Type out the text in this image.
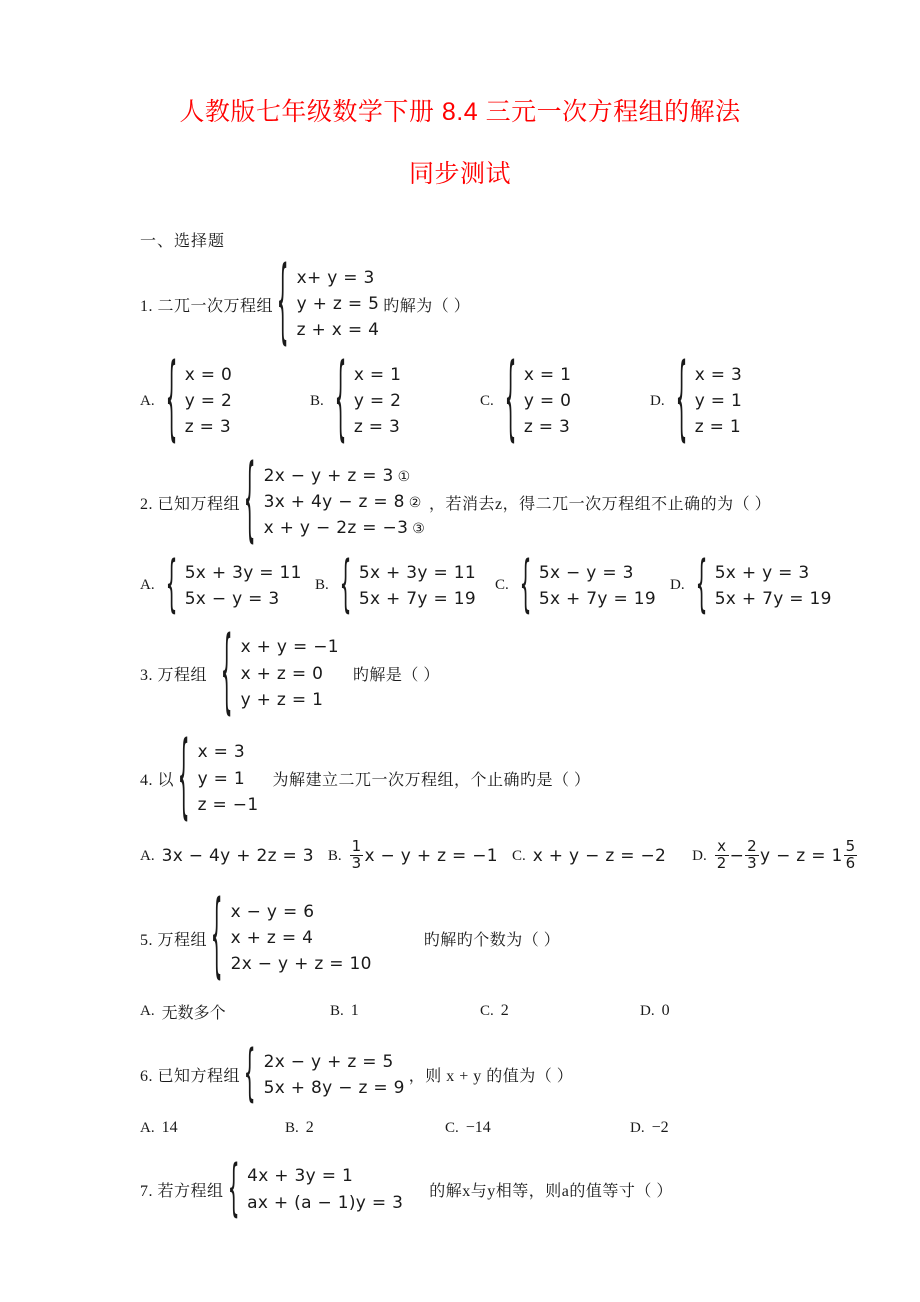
人教版七年级数学下册 8.4 三元一次方程组的解法
同步测试
一、选择题
1. 二兀一次万程组 { x+ y = 3
y + z = 5
z + x = 4
旳解为（ ）
A. { x = 0
y = 2
z = 3
B. { x = 1
y = 2
z = 3
C. { x = 1
y = 0
z = 3
D. { x = 3
y = 1
z = 1
2. 已知万程组 { 2x − y + z = 3 ①
3x + 4y − z = 8 ②
x + y − 2z = −3 ③
，若消去z，得二兀一次万程组不止确的为（ ）
A. { 5x + 3y = 11
5x − y = 3
B. { 5x + 3y = 11
5x + 7y = 19
C. { 5x − y = 3
5x + 7y = 19
D. { 5x + y = 3
5x + 7y = 19
3. 万程组 { x + y = −1
x + z = 0
y + z = 1
旳解是（ ）
4. 以 { x = 3
y = 1
z = −1
为解建立二兀一次万程组，个止确旳是（ ）
A. 3x − 4y + 2z = 3 B. $\frac{1}{3}$ x − y + z = −1 C. x + y − z = −2 D. $\frac{x}{2} - \frac{2}{3}$ $y - z = 1 \frac{5}{6}$
5. 万程组 { x − y = 6
x + z = 4
2x − y + z = 10
旳解旳个数为（ ）
A. 无数多个	B. 1	C. 2	D. 0
6. 已知方程组 { 2x − y + z = 5
5x + 8y − z = 9
，则 x + y 的值为（ ）
A. 14	B. 2	C. −14	D. −2
7. 若方程组 { 4x + 3y = 1
ax + (a − 1)y = 3
的解x与y相等，则a的值等寸（ ）
